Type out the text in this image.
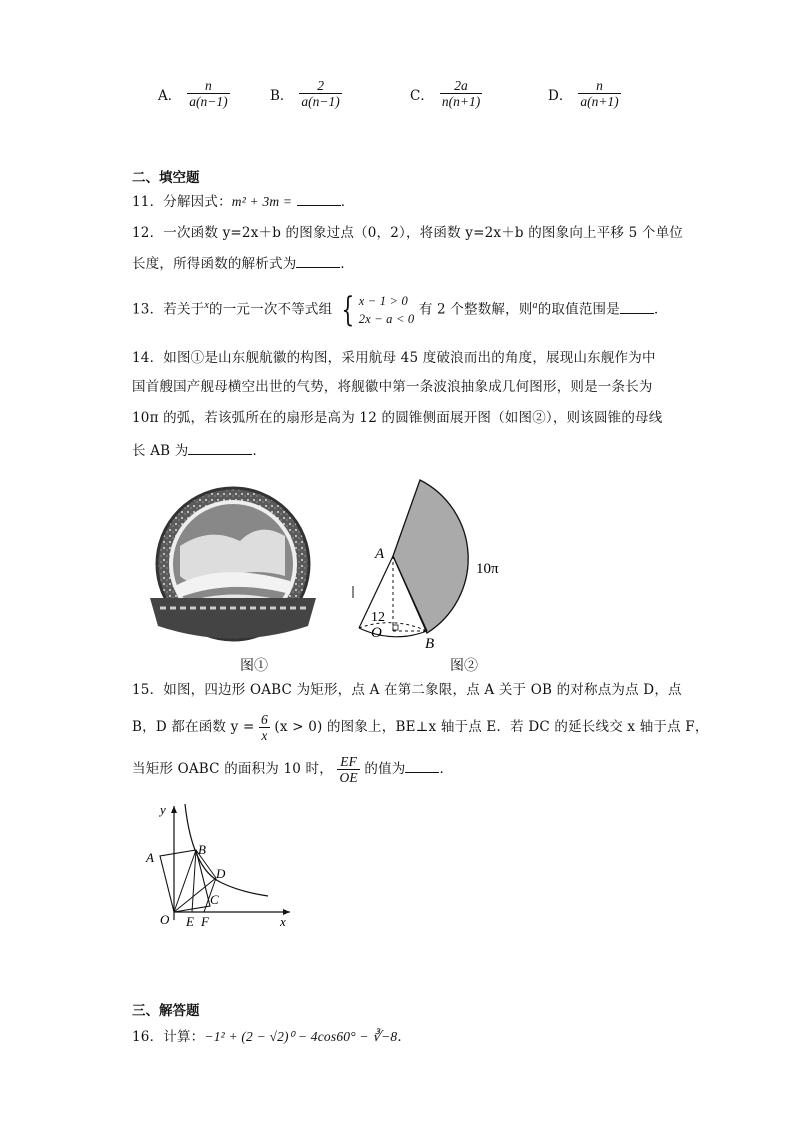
A． $\frac{n}{a(n-1)}$	B． $\frac{2}{a(n-1)}$	C． $\frac{2a}{n(n+1)}$	D． $\frac{n}{a(n+1)}$
二、填空题
11．分解因式：m² + 3m =	．
12．一次函数 y=2x＋b 的图象过点（0，2），将函数 y=2x＋b 的图象向上平移 5 个单位
长度，所得函数的解析式为	．
13．若关于$^x$的一元一次不等式组 { x − 1 > 0
2x − a < 0
有 2 个整数解，则$^a$的取值范围是	．
14．如图①是山东舰航徽的构图，采用航母 45 度破浪而出的角度，展现山东舰作为中
国首艘国产舰母横空出世的气势，将舰徽中第一条波浪抽象成几何图形，则是一条长为
10π 的弧，若该弧所在的扇形是高为 12 的圆锥侧面展开图（如图②），则该圆锥的母线
长 AB 为	．
图①
A
O
B
12
10π
图②
15．如图，四边形 OABC 为矩形，点 A 在第二象限，点 A 关于 OB 的对称点为点 D，点
B，D 都在函数 $y = \frac{6}{x} (x > 0)$ 的图象上，BE⊥x 轴于点 E．若 DC 的延长线交 x 轴于点 F，
当矩形 OABC 的面积为 10 时， $\frac{EF}{OE}$ 的值为	．
y
x
A
B
C
D
O E F
三、解答题
16．计算：−1² + (2 − √2)⁰ − 4cos60° − ∛−8．
